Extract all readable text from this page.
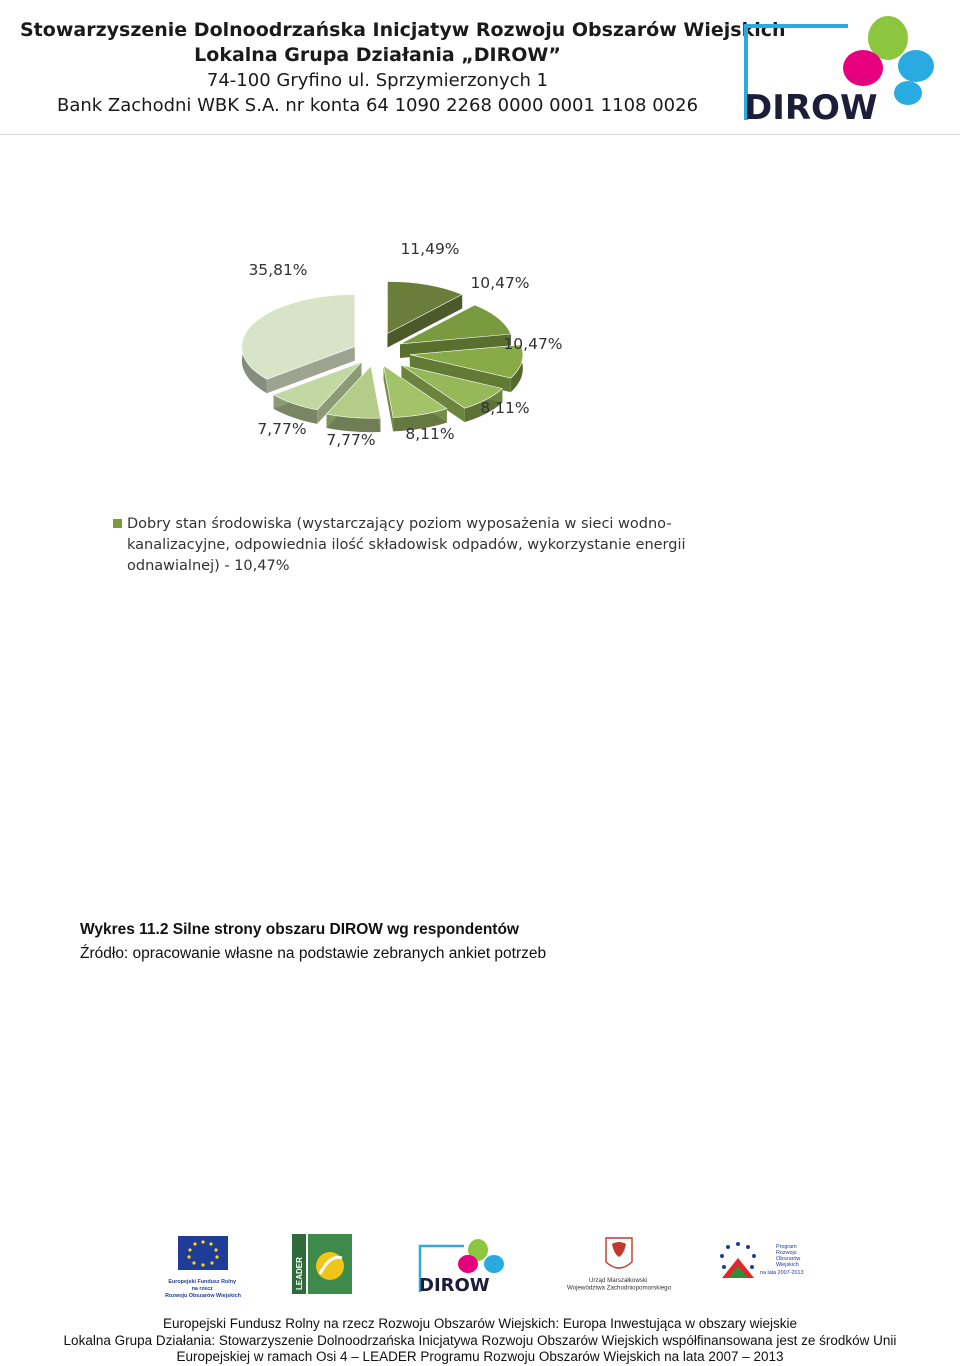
Stowarzyszenie Dolnoodrzańska Inicjatyw Rozwoju Obszarów Wiejskich
Lokalna Grupa Działania „DIROW”
74-100 Gryfino ul. Sprzymierzonych 1
Bank Zachodni WBK S.A. nr konta 64 1090 2268 0000 0001 1108 0026	DIROW
11,49%
10,47%
10,47%
8,11%
8,11%
7,77%
7,77%
35,81%
Dobry stan środowiska (wystarczający poziom wyposażenia w sieci wodno-
kanalizacyjne, odpowiednia ilość składowisk odpadów, wykorzystanie energii
odnawialnej) - 10,47%
Wykres 11.2 Silne strony obszaru DIROW wg respondentów
Źródło: opracowanie własne na podstawie zebranych ankiet potrzeb
Europejski Fundusz Rolny na rzecz Rozwoju Obszarów Wiejskich
LEADER	DIROW	Urząd Marszałkowski Województwa Zachodniopomorskiego
Program Rozwoju Obszarów Wiejskich na lata 2007-2013
Europejski Fundusz Rolny na rzecz Rozwoju Obszarów Wiejskich: Europa Inwestująca w obszary wiejskie
Lokalna Grupa Działania: Stowarzyszenie Dolnoodrzańska Inicjatywa Rozwoju Obszarów Wiejskich współfinansowana jest ze środków Unii
Europejskiej w ramach Osi 4 – LEADER Programu Rozwoju Obszarów Wiejskich na lata 2007 – 2013
